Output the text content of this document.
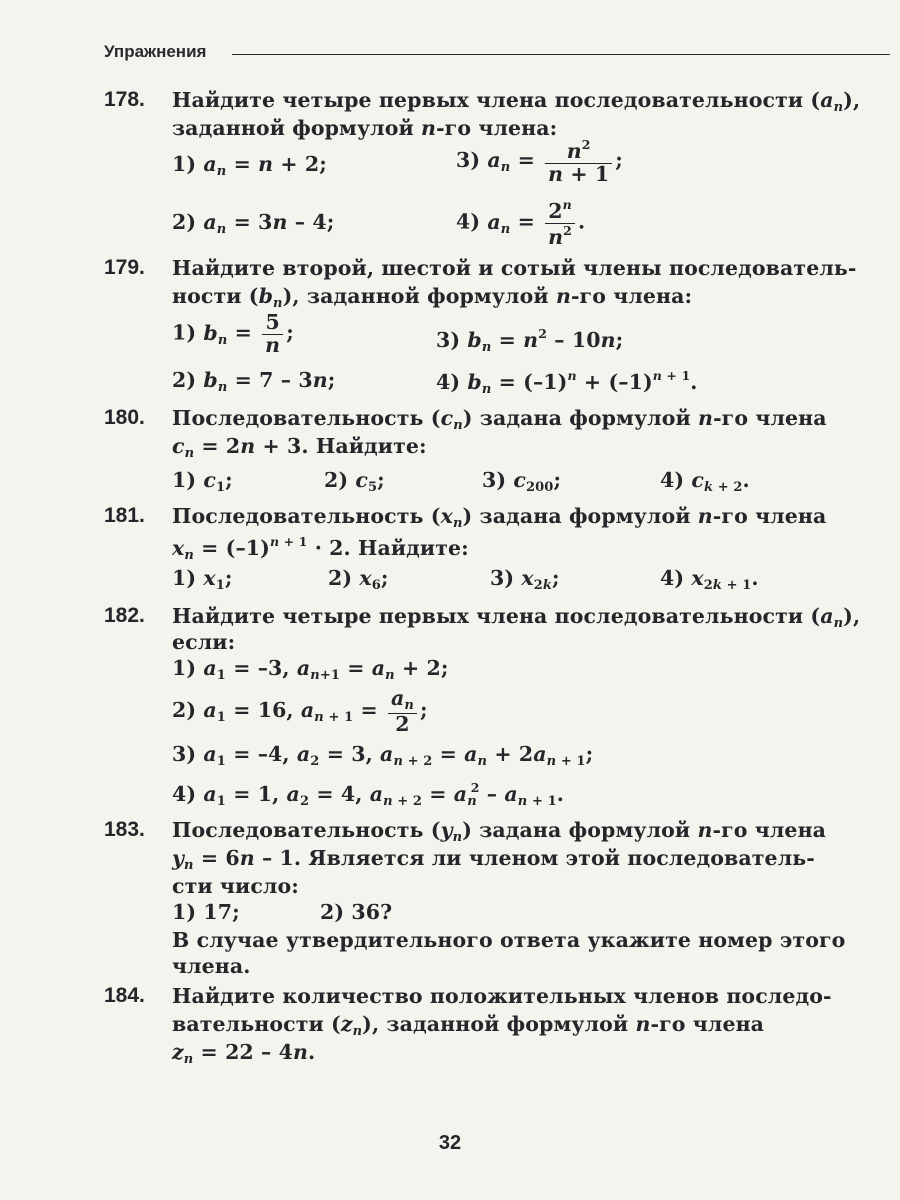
Упражнения
178. Найдите четыре первых члена последовательности $(a_n)$,
заданной формулой n-го члена:
1) $a_n = n + 2$;	3) $a_n = \frac{n^2}{n + 1}$ ;
2) $a_n = 3n - 4$;	4) $a_n = \frac{2^n}{n^2}$ .
179. Найдите второй, шестой и сотый члены последователь-
ности $(b_n)$, заданной формулой n-го члена:
1) $b_n = \frac{5}{n}$ ;	3) $b_n = n^2 - 10n$;
2) $b_n = 7 - 3n$;	4) $b_n = (-1)^n + (-1)^{n + 1}$.
180. Последовательность $(c_n)$ задана формулой n-го члена
$c_n = 2n + 3$. Найдите:
1) $c_1$;	2) $c_5$;	3) $c_{200}$;	4) $c_{k + 2}$.
181. Последовательность $(x_n)$ задана формулой n-го члена
$x_n = (-1)^{n + 1} \cdot 2$. Найдите:
1) $x_1$;	2) $x_6$;	3) $x_{2k}$;	4) $x_{2k + 1}$.
182. Найдите четыре первых члена последовательности $(a_n)$,
если:
1) $a_1 = -3$, $a_{n+1} = a_n + 2$;
2) $a_1 = 16$, $a_{n + 1} = \frac{a_n}{2}$ ;
3) $a_1 = -4$, $a_2 = 3$, $a_{n + 2} = a_n + 2a_{n + 1}$;
4) $a_1 = 1$, $a_2 = 4$, $a_{n + 2} = a_n^2 - a_{n + 1}$.
183. Последовательность $(y_n)$ задана формулой n-го члена
$y_n = 6n - 1$. Является ли членом этой последователь-
сти число:
1) 17;	2) 36?
В случае утвердительного ответа укажите номер этого
члена.
184. Найдите количество положительных членов последо-
вательности $(z_n)$, заданной формулой n-го члена
$z_n = 22 - 4n$.
32
